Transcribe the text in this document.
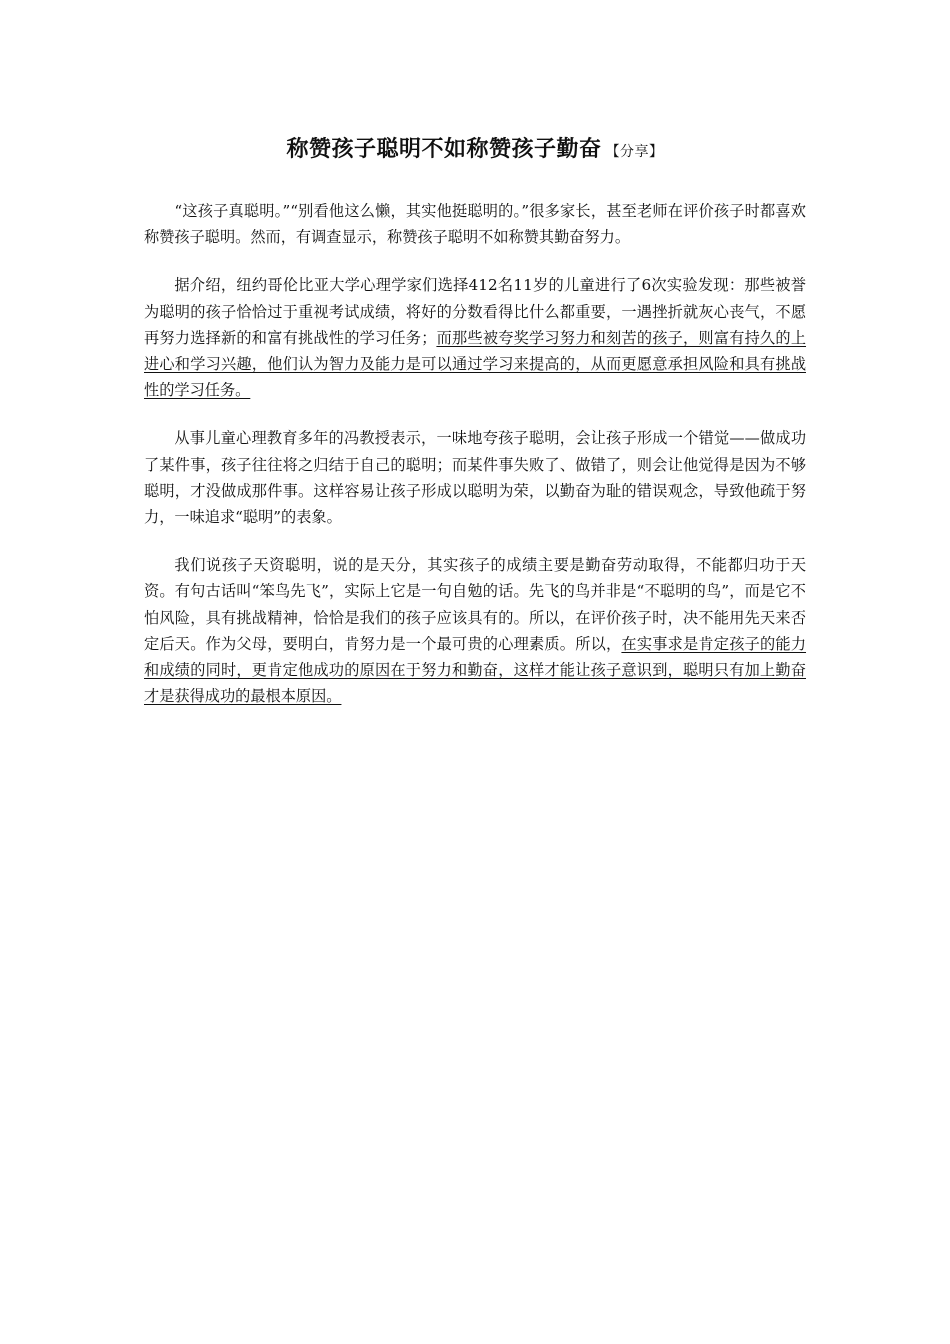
称赞孩子聪明不如称赞孩子勤奋 【分享】

“这孩子真聪明。”“别看他这么懒，其实他挺聪明的。”很多家长，甚至老师在评价孩子时都喜欢称赞孩子聪明。然而，有调查显示，称赞孩子聪明不如称赞其勤奋努力。

据介绍，纽约哥伦比亚大学心理学家们选择412名11岁的儿童进行了6次实验发现：那些被誉为聪明的孩子恰恰过于重视考试成绩，将好的分数看得比什么都重要，一遇挫折就灰心丧气，不愿再努力选择新的和富有挑战性的学习任务；而那些被夸奖学习努力和刻苦的孩子，则富有持久的上进心和学习兴趣，他们认为智力及能力是可以通过学习来提高的，从而更愿意承担风险和具有挑战性的学习任务。

从事儿童心理教育多年的冯教授表示，一味地夸孩子聪明，会让孩子形成一个错觉——做成功了某件事，孩子往往将之归结于自己的聪明；而某件事失败了、做错了，则会让他觉得是因为不够聪明，才没做成那件事。这样容易让孩子形成以聪明为荣，以勤奋为耻的错误观念，导致他疏于努力，一味追求“聪明”的表象。

我们说孩子天资聪明，说的是天分，其实孩子的成绩主要是勤奋劳动取得，不能都归功于天资。有句古话叫“笨鸟先飞”，实际上它是一句自勉的话。先飞的鸟并非是“不聪明的鸟”，而是它不怕风险，具有挑战精神，恰恰是我们的孩子应该具有的。所以，在评价孩子时，决不能用先天来否定后天。作为父母，要明白，肯努力是一个最可贵的心理素质。所以，在实事求是肯定孩子的能力和成绩的同时，更肯定他成功的原因在于努力和勤奋，这样才能让孩子意识到，聪明只有加上勤奋才是获得成功的最根本原因。
